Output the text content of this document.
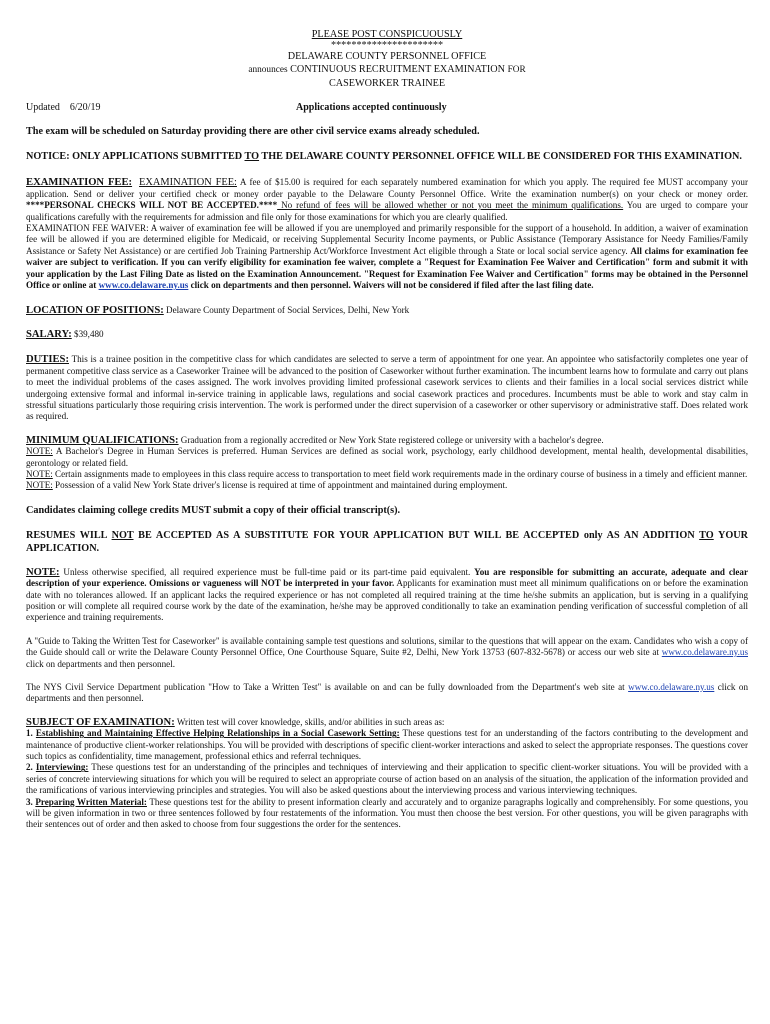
PLEASE POST CONSPICUOUSLY
**********************
DELAWARE COUNTY PERSONNEL OFFICE
announces CONTINUOUS RECRUITMENT EXAMINATION FOR
CASEWORKER TRAINEE
Updated 6/20/19	Applications accepted continuously

The exam will be scheduled on Saturday providing there are other civil service exams already scheduled.

NOTICE: ONLY APPLICATIONS SUBMITTED TO THE DELAWARE COUNTY PERSONNEL OFFICE WILL BE CONSIDERED FOR THIS EXAMINATION.

EXAMINATION FEE: EXAMINATION FEE: A fee of $15.00 is required for each separately numbered examination for which you apply. The required fee MUST accompany your application. Send or deliver your certified check or money order payable to the Delaware County Personnel Office. Write the examination number(s) on your check or money order. ****PERSONAL CHECKS WILL NOT BE ACCEPTED.**** No refund of fees will be allowed whether or not you meet the minimum qualifications. You are urged to compare your qualifications carefully with the requirements for admission and file only for those examinations for which you are clearly qualified.

EXAMINATION FEE WAIVER: A waiver of examination fee will be allowed if you are unemployed and primarily responsible for the support of a household. In addition, a waiver of examination fee will be allowed if you are determined eligible for Medicaid, or receiving Supplemental Security Income payments, or Public Assistance (Temporary Assistance for Needy Families/Family Assistance or Safety Net Assistance) or are certified Job Training Partnership Act/Workforce Investment Act eligible through a State or local social service agency. All claims for examination fee waiver are subject to verification. If you can verify eligibility for examination fee waiver, complete a "Request for Examination Fee Waiver and Certification" form and submit it with your application by the Last Filing Date as listed on the Examination Announcement. "Request for Examination Fee Waiver and Certification" forms may be obtained in the Personnel Office or online at www.co.delaware.ny.us click on departments and then personnel. Waivers will not be considered if filed after the last filing date.

LOCATION OF POSITIONS: Delaware County Department of Social Services, Delhi, New York

SALARY: $39,480

DUTIES: This is a trainee position in the competitive class for which candidates are selected to serve a term of appointment for one year. An appointee who satisfactorily completes one year of permanent competitive class service as a Caseworker Trainee will be advanced to the position of Caseworker without further examination. The incumbent learns how to formulate and carry out plans to meet the individual problems of the cases assigned. The work involves providing limited professional casework services to clients and their families in a local social services district while undergoing extensive formal and informal in-service training in applicable laws, regulations and social casework practices and procedures. Incumbents must be able to work and stay calm in stressful situations particularly those requiring crisis intervention. The work is performed under the direct supervision of a caseworker or other supervisory or administrative staff. Does related work as required.

MINIMUM QUALIFICATIONS: Graduation from a regionally accredited or New York State registered college or university with a bachelor's degree.

NOTE: A Bachelor's Degree in Human Services is preferred. Human Services are defined as social work, psychology, early childhood development, mental health, developmental disabilities, gerontology or related field.

NOTE: Certain assignments made to employees in this class require access to transportation to meet field work requirements made in the ordinary course of business in a timely and efficient manner.

NOTE: Possession of a valid New York State driver's license is required at time of appointment and maintained during employment.

Candidates claiming college credits MUST submit a copy of their official transcript(s).

RESUMES WILL NOT BE ACCEPTED AS A SUBSTITUTE FOR YOUR APPLICATION BUT WILL BE ACCEPTED only AS AN ADDITION TO YOUR APPLICATION.

NOTE: Unless otherwise specified, all required experience must be full-time paid or its part-time paid equivalent. You are responsible for submitting an accurate, adequate and clear description of your experience. Omissions or vagueness will NOT be interpreted in your favor. Applicants for examination must meet all minimum qualifications on or before the examination date with no tolerances allowed. If an applicant lacks the required experience or has not completed all required training at the time he/she submits an application, but is serving in a qualifying position or will complete all required course work by the date of the examination, he/she may be approved conditionally to take an examination pending verification of successful completion of all experience and training requirements.

A "Guide to Taking the Written Test for Caseworker" is available containing sample test questions and solutions, similar to the questions that will appear on the exam. Candidates who wish a copy of the Guide should call or write the Delaware County Personnel Office, One Courthouse Square, Suite #2, Delhi, New York 13753 (607-832-5678) or access our web site at www.co.delaware.ny.us click on departments and then personnel.

The NYS Civil Service Department publication "How to Take a Written Test" is available on and can be fully downloaded from the Department's web site at www.co.delaware.ny.us click on departments and then personnel.

SUBJECT OF EXAMINATION: Written test will cover knowledge, skills, and/or abilities in such areas as:

1. Establishing and Maintaining Effective Helping Relationships in a Social Casework Setting: These questions test for an understanding of the factors contributing to the development and maintenance of productive client-worker relationships. You will be provided with descriptions of specific client-worker interactions and asked to select the appropriate responses. The questions cover such topics as confidentiality, time management, professional ethics and referral techniques.

2. Interviewing: These questions test for an understanding of the principles and techniques of interviewing and their application to specific client-worker situations. You will be provided with a series of concrete interviewing situations for which you will be required to select an appropriate course of action based on an analysis of the situation, the application of the information provided and the ramifications of various interviewing principles and strategies. You will also be asked questions about the interviewing process and various interviewing techniques.

3. Preparing Written Material: These questions test for the ability to present information clearly and accurately and to organize paragraphs logically and comprehensibly. For some questions, you will be given information in two or three sentences followed by four restatements of the information. You must then choose the best version. For other questions, you will be given paragraphs with their sentences out of order and then asked to choose from four suggestions the order for the sentences.
